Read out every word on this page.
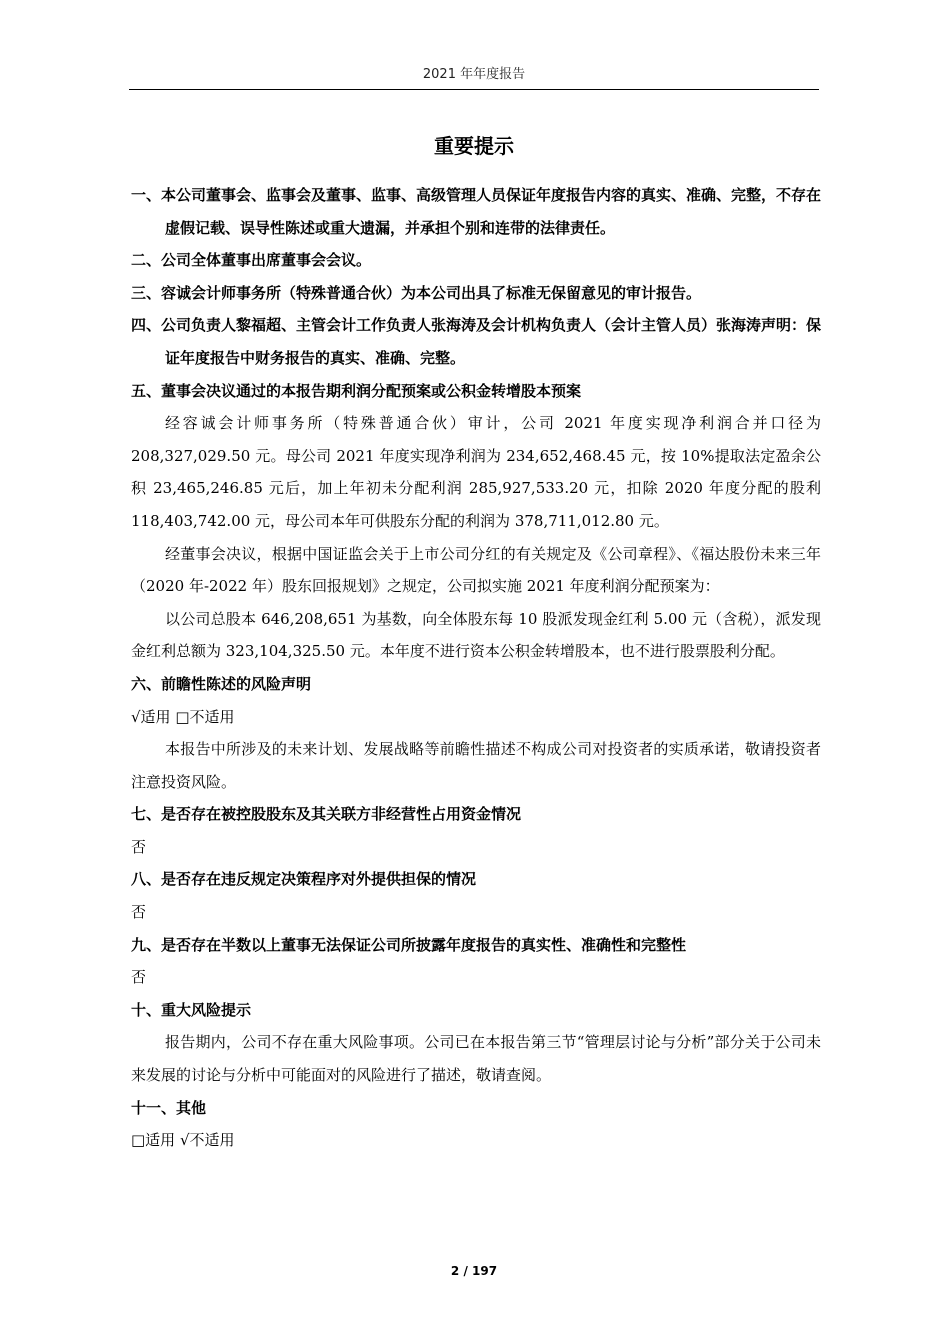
2021 年年度报告
重要提示

一、本公司董事会、监事会及董事、监事、高级管理人员保证年度报告内容的真实、准确、完整，不存在虚假记载、误导性陈述或重大遗漏，并承担个别和连带的法律责任。

二、公司全体董事出席董事会会议。

三、容诚会计师事务所（特殊普通合伙）为本公司出具了标准无保留意见的审计报告。

四、公司负责人黎福超、主管会计工作负责人张海涛及会计机构负责人（会计主管人员）张海涛声明：保证年度报告中财务报告的真实、准确、完整。

五、董事会决议通过的本报告期利润分配预案或公积金转增股本预案

经容诚会计师事务所（特殊普通合伙）审计，公司 2021 年度实现净利润合并口径为 208,327,029.50 元。母公司 2021 年度实现净利润为 234,652,468.45 元，按 10%提取法定盈余公积 23,465,246.85 元后，加上年初未分配利润 285,927,533.20 元，扣除 2020 年度分配的股利 118,403,742.00 元，母公司本年可供股东分配的利润为 378,711,012.80 元。

经董事会决议，根据中国证监会关于上市公司分红的有关规定及《公司章程》、《福达股份未来三年（2020 年-2022 年）股东回报规划》之规定，公司拟实施 2021 年度利润分配预案为：

以公司总股本 646,208,651 为基数，向全体股东每 10 股派发现金红利 5.00 元（含税），派发现金红利总额为 323,104,325.50 元。本年度不进行资本公积金转增股本，也不进行股票股利分配。

六、前瞻性陈述的风险声明

√适用 □不适用

本报告中所涉及的未来计划、发展战略等前瞻性描述不构成公司对投资者的实质承诺，敬请投资者注意投资风险。

七、是否存在被控股股东及其关联方非经营性占用资金情况

否

八、是否存在违反规定决策程序对外提供担保的情况

否

九、是否存在半数以上董事无法保证公司所披露年度报告的真实性、准确性和完整性

否

十、重大风险提示

报告期内，公司不存在重大风险事项。公司已在本报告第三节“管理层讨论与分析”部分关于公司未来发展的讨论与分析中可能面对的风险进行了描述，敬请查阅。

十一、其他

□适用 √不适用

2 / 197
